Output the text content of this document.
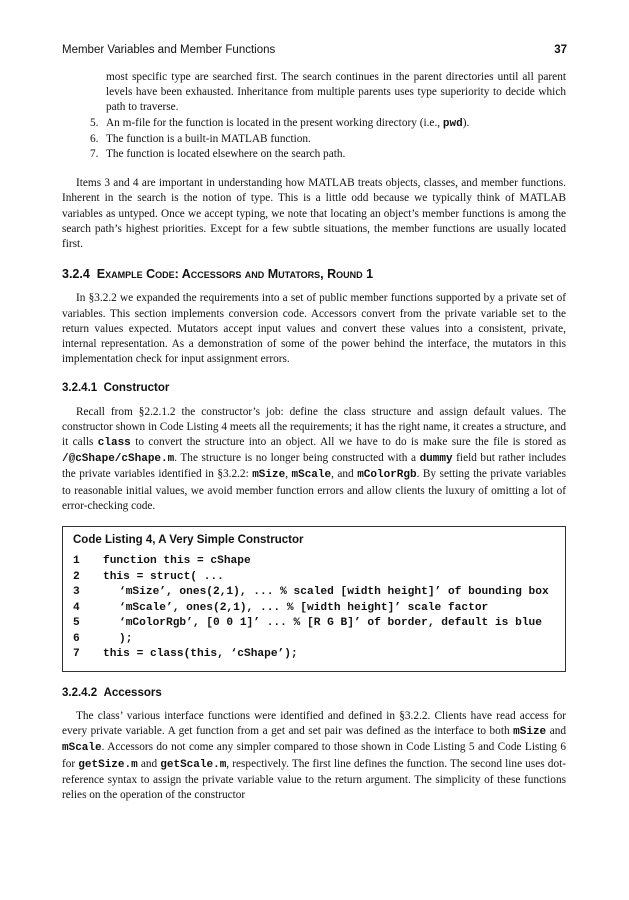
Member Variables and Member Functions	37

most specific type are searched first. The search continues in the parent directories until all parent levels have been exhausted. Inheritance from multiple parents uses type superiority to decide which path to traverse.

5. An m-file for the function is located in the present working directory (i.e., pwd).
6. The function is a built-in MATLAB function.
7. The function is located elsewhere on the search path.

Items 3 and 4 are important in understanding how MATLAB treats objects, classes, and member functions. Inherent in the search is the notion of type. This is a little odd because we typically think of MATLAB variables as untyped. Once we accept typing, we note that locating an object’s member functions is among the search path’s highest priorities. Except for a few subtle situations, the member functions are usually located first.

3.2.4 Example Code: Accessors and Mutators, Round 1

In §3.2.2 we expanded the requirements into a set of public member functions supported by a private set of variables. This section implements conversion code. Accessors convert from the private variable set to the return values expected. Mutators accept input values and convert these values into a consistent, private, internal representation. As a demonstration of some of the power behind the interface, the mutators in this implementation check for input assignment errors.

3.2.4.1 Constructor

Recall from §2.2.1.2 the constructor’s job: define the class structure and assign default values. The constructor shown in Code Listing 4 meets all the requirements; it has the right name, it creates a structure, and it calls class to convert the structure into an object. All we have to do is make sure the file is stored as /@cShape/cShape.m. The structure is no longer being constructed with a dummy field but rather includes the private variables identified in §3.2.2: mSize, mScale, and mColorRgb. By setting the private variables to reasonable initial values, we avoid member function errors and allow clients the luxury of omitting a lot of error-checking code.

Code Listing 4, A Very Simple Constructor
1	function this = cShape
2	this = struct( ...
3	‘mSize’, ones(2,1), ... % scaled [width height]’ of bounding box
4	‘mScale’, ones(2,1), ... % [width height]’ scale factor
5	‘mColorRgb’, [0 0 1]’ ... % [R G B]’ of border, default is blue
6	);
7	this = class(this, ‘cShape’);
3.2.4.2 Accessors

The class’ various interface functions were identified and defined in §3.2.2. Clients have read access for every private variable. A get function from a get and set pair was defined as the interface to both mSize and mScale. Accessors do not come any simpler compared to those shown in Code Listing 5 and Code Listing 6 for getSize.m and getScale.m, respectively. The first line defines the function. The second line uses dot-reference syntax to assign the private variable value to the return argument. The simplicity of these functions relies on the operation of the constructor
